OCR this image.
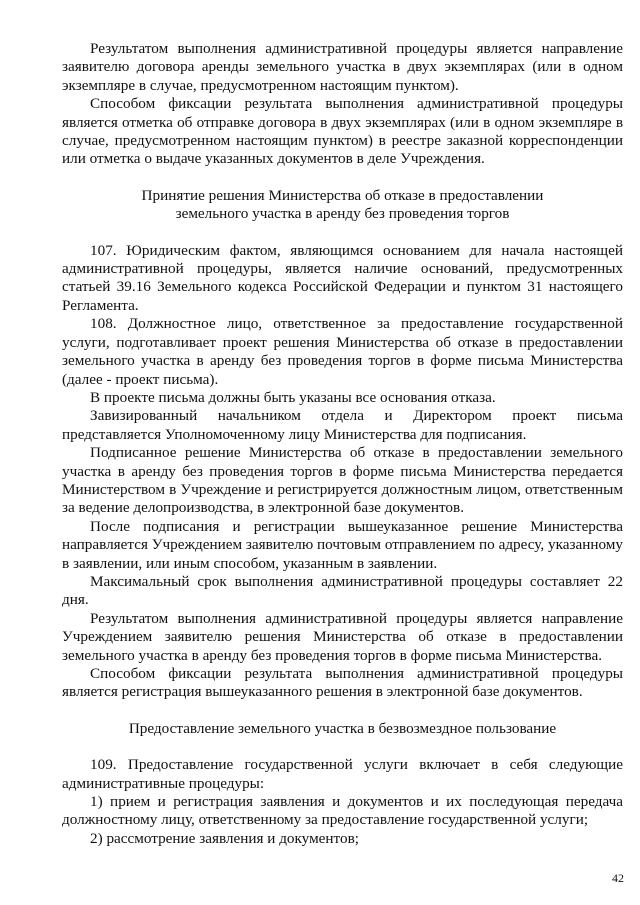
Результатом выполнения административной процедуры является направление заявителю договора аренды земельного участка в двух экземплярах (или в одном экземпляре в случае, предусмотренном настоящим пунктом).

Способом фиксации результата выполнения административной процедуры является отметка об отправке договора в двух экземплярах (или в одном экземпляре в случае, предусмотренном настоящим пунктом) в реестре заказной корреспонденции или отметка о выдаче указанных документов в деле Учреждения.

Принятие решения Министерства об отказе в предоставлении

земельного участка в аренду без проведения торгов

107. Юридическим фактом, являющимся основанием для начала настоящей административной процедуры, является наличие оснований, предусмотренных статьей 39.16 Земельного кодекса Российской Федерации и пунктом 31 настоящего Регламента.

108. Должностное лицо, ответственное за предоставление государственной услуги, подготавливает проект решения Министерства об отказе в предоставлении земельного участка в аренду без проведения торгов в форме письма Министерства (далее - проект письма).

В проекте письма должны быть указаны все основания отказа.

Завизированный начальником отдела и Директором проект письма представляется Уполномоченному лицу Министерства для подписания.

Подписанное решение Министерства об отказе в предоставлении земельного участка в аренду без проведения торгов в форме письма Министерства передается Министерством в Учреждение и регистрируется должностным лицом, ответственным за ведение делопроизводства, в электронной базе документов.

После подписания и регистрации вышеуказанное решение Министерства направляется Учреждением заявителю почтовым отправлением по адресу, указанному в заявлении, или иным способом, указанным в заявлении.

Максимальный срок выполнения административной процедуры составляет 22 дня.

Результатом выполнения административной процедуры является направление Учреждением заявителю решения Министерства об отказе в предоставлении земельного участка в аренду без проведения торгов в форме письма Министерства.

Способом фиксации результата выполнения административной процедуры является регистрация вышеуказанного решения в электронной базе документов.

Предоставление земельного участка в безвозмездное пользование

109. Предоставление государственной услуги включает в себя следующие административные процедуры:

1) прием и регистрация заявления и документов и их последующая передача должностному лицу, ответственному за предоставление государственной услуги;

2) рассмотрение заявления и документов;

42
